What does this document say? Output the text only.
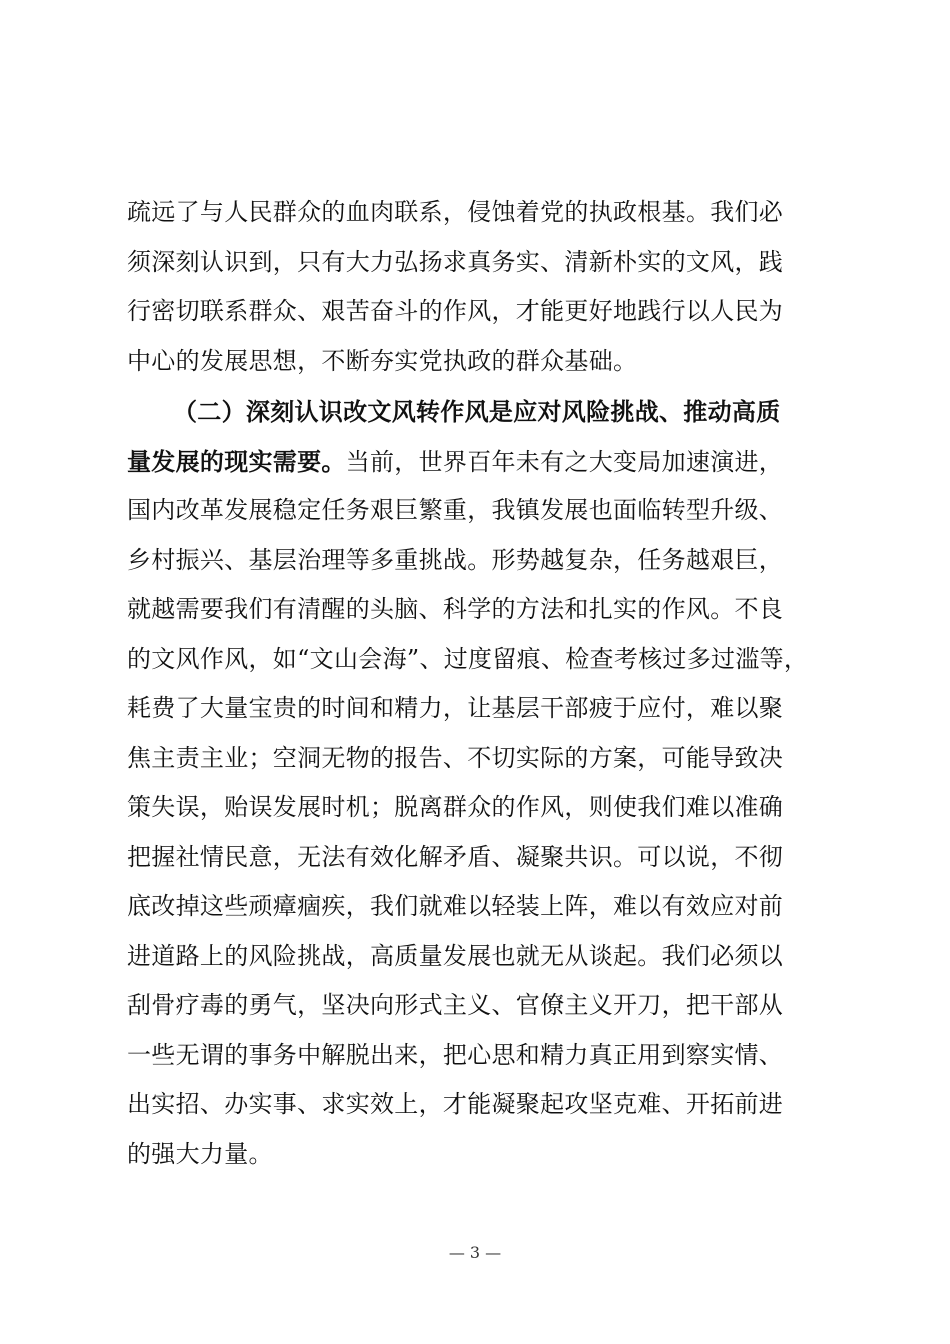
疏远了与人民群众的血肉联系，侵蚀着党的执政根基。我们必
须深刻认识到，只有大力弘扬求真务实、清新朴实的文风，践
行密切联系群众、艰苦奋斗的作风，才能更好地践行以人民为
中心的发展思想，不断夯实党执政的群众基础。
（二）深刻认识改文风转作风是应对风险挑战、推动高质
量发展的现实需要。当前，世界百年未有之大变局加速演进，
国内改革发展稳定任务艰巨繁重，我镇发展也面临转型升级、
乡村振兴、基层治理等多重挑战。形势越复杂，任务越艰巨，
就越需要我们有清醒的头脑、科学的方法和扎实的作风。不良
的文风作风，如“文山会海”、过度留痕、检查考核过多过滥等，
耗费了大量宝贵的时间和精力，让基层干部疲于应付，难以聚
焦主责主业；空洞无物的报告、不切实际的方案，可能导致决
策失误，贻误发展时机；脱离群众的作风，则使我们难以准确
把握社情民意，无法有效化解矛盾、凝聚共识。可以说，不彻
底改掉这些顽瘴痼疾，我们就难以轻装上阵，难以有效应对前
进道路上的风险挑战，高质量发展也就无从谈起。我们必须以
刮骨疗毒的勇气，坚决向形式主义、官僚主义开刀，把干部从
一些无谓的事务中解脱出来，把心思和精力真正用到察实情、
出实招、办实事、求实效上，才能凝聚起攻坚克难、开拓前进
的强大力量。
— 3 —
